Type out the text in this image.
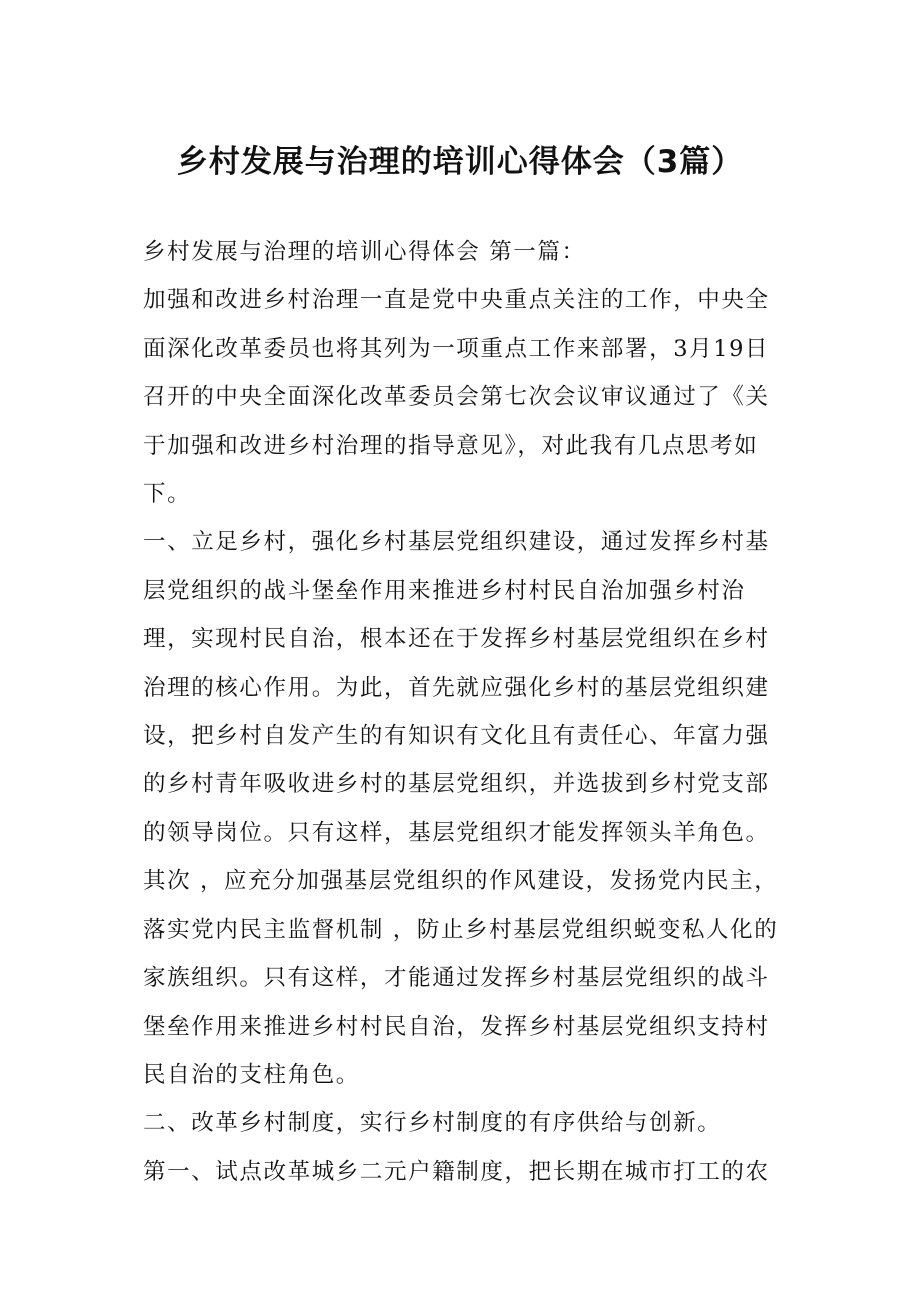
乡村发展与治理的培训心得体会（3篇）

乡村发展与治理的培训心得体会 第一篇：

加强和改进乡村治理一直是党中央重点关注的工作，中央全面深化改革委员也将其列为一项重点工作来部署，3月19日召开的中央全面深化改革委员会第七次会议审议通过了《关于加强和改进乡村治理的指导意见》，对此我有几点思考如下。

一、立足乡村，强化乡村基层党组织建设，通过发挥乡村基层党组织的战斗堡垒作用来推进乡村村民自治加强乡村治理，实现村民自治，根本还在于发挥乡村基层党组织在乡村治理的核心作用。为此，首先就应强化乡村的基层党组织建设，把乡村自发产生的有知识有文化且有责任心、年富力强的乡村青年吸收进乡村的基层党组织，并选拔到乡村党支部的领导岗位。只有这样，基层党组织才能发挥领头羊角色。其次 ，应充分加强基层党组织的作风建设，发扬党内民主，落实党内民主监督机制 ，防止乡村基层党组织蜕变私人化的家族组织。只有这样，才能通过发挥乡村基层党组织的战斗堡垒作用来推进乡村村民自治，发挥乡村基层党组织支持村民自治的支柱角色。

二、改革乡村制度，实行乡村制度的有序供给与创新。

第一、试点改革城乡二元户籍制度，把长期在城市打工的农
